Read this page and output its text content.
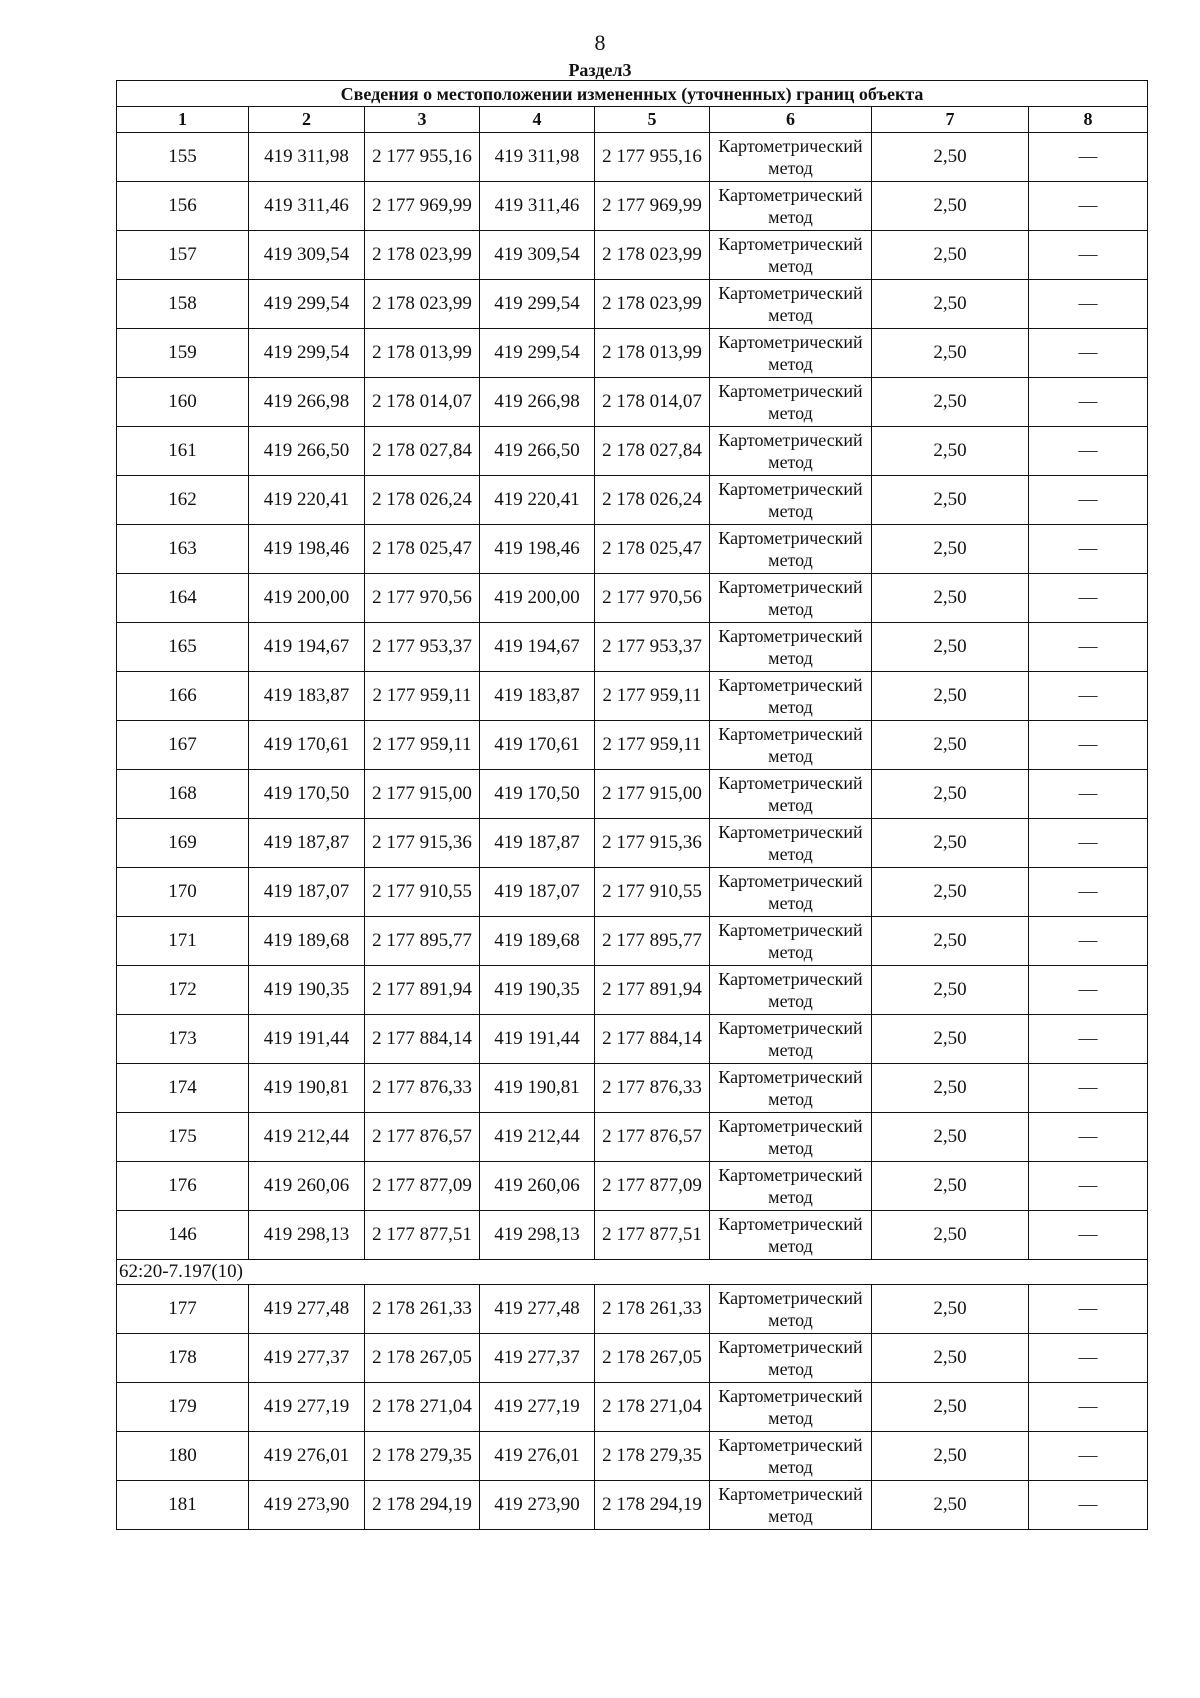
8
Раздел3
Сведения о местоположении измененных (уточненных) границ объекта							
1	2	3	4	5	6	7	8
155	419 311,98	2 177 955,16	419 311,98	2 177 955,16	Картометрический метод	2,50	—
156	419 311,46	2 177 969,99	419 311,46	2 177 969,99	Картометрический метод	2,50	—
157	419 309,54	2 178 023,99	419 309,54	2 178 023,99	Картометрический метод	2,50	—
158	419 299,54	2 178 023,99	419 299,54	2 178 023,99	Картометрический метод	2,50	—
159	419 299,54	2 178 013,99	419 299,54	2 178 013,99	Картометрический метод	2,50	—
160	419 266,98	2 178 014,07	419 266,98	2 178 014,07	Картометрический метод	2,50	—
161	419 266,50	2 178 027,84	419 266,50	2 178 027,84	Картометрический метод	2,50	—
162	419 220,41	2 178 026,24	419 220,41	2 178 026,24	Картометрический метод	2,50	—
163	419 198,46	2 178 025,47	419 198,46	2 178 025,47	Картометрический метод	2,50	—
164	419 200,00	2 177 970,56	419 200,00	2 177 970,56	Картометрический метод	2,50	—
165	419 194,67	2 177 953,37	419 194,67	2 177 953,37	Картометрический метод	2,50	—
166	419 183,87	2 177 959,11	419 183,87	2 177 959,11	Картометрический метод	2,50	—
167	419 170,61	2 177 959,11	419 170,61	2 177 959,11	Картометрический метод	2,50	—
168	419 170,50	2 177 915,00	419 170,50	2 177 915,00	Картометрический метод	2,50	—
169	419 187,87	2 177 915,36	419 187,87	2 177 915,36	Картометрический метод	2,50	—
170	419 187,07	2 177 910,55	419 187,07	2 177 910,55	Картометрический метод	2,50	—
171	419 189,68	2 177 895,77	419 189,68	2 177 895,77	Картометрический метод	2,50	—
172	419 190,35	2 177 891,94	419 190,35	2 177 891,94	Картометрический метод	2,50	—
173	419 191,44	2 177 884,14	419 191,44	2 177 884,14	Картометрический метод	2,50	—
174	419 190,81	2 177 876,33	419 190,81	2 177 876,33	Картометрический метод	2,50	—
175	419 212,44	2 177 876,57	419 212,44	2 177 876,57	Картометрический метод	2,50	—
176	419 260,06	2 177 877,09	419 260,06	2 177 877,09	Картометрический метод	2,50	—
146	419 298,13	2 177 877,51	419 298,13	2 177 877,51	Картометрический метод	2,50	—
62:20-7.197(10)							
177	419 277,48	2 178 261,33	419 277,48	2 178 261,33	Картометрический метод	2,50	—
178	419 277,37	2 178 267,05	419 277,37	2 178 267,05	Картометрический метод	2,50	—
179	419 277,19	2 178 271,04	419 277,19	2 178 271,04	Картометрический метод	2,50	—
180	419 276,01	2 178 279,35	419 276,01	2 178 279,35	Картометрический метод	2,50	—
181	419 273,90	2 178 294,19	419 273,90	2 178 294,19	Картометрический метод	2,50	—
